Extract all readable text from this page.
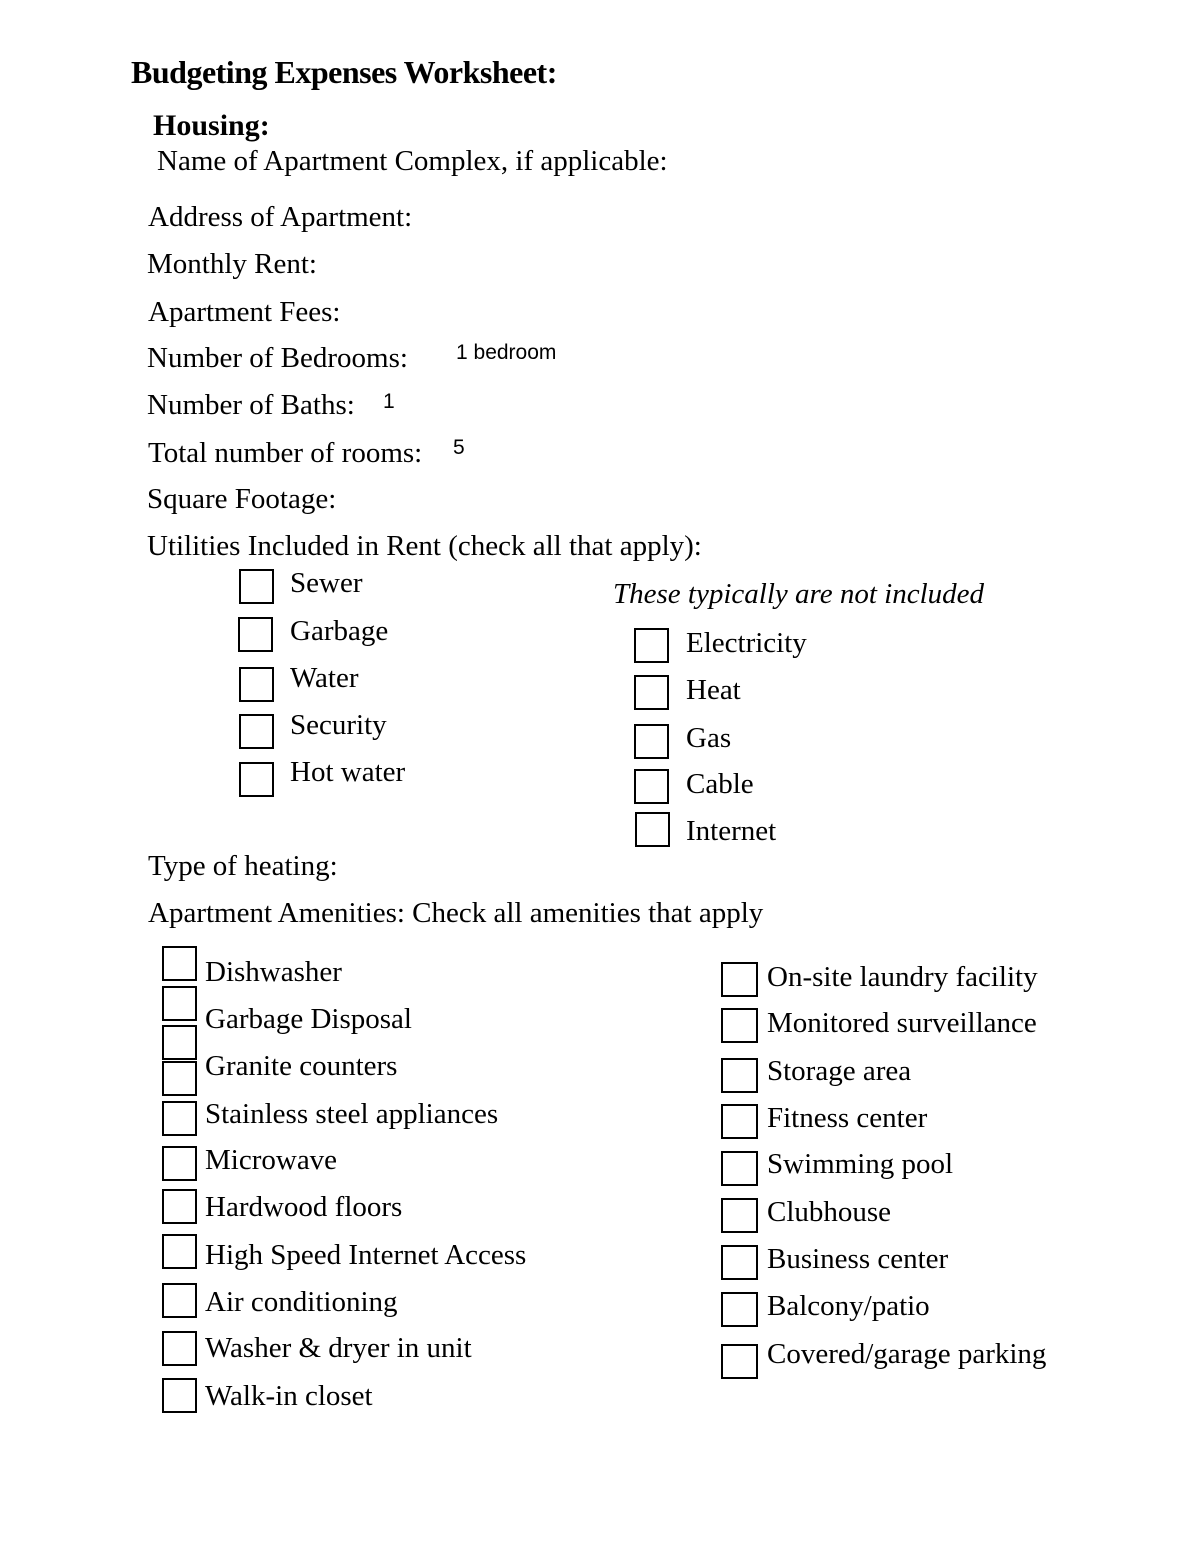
Budgeting Expenses Worksheet:
Housing:
Name of Apartment Complex, if applicable:
Address of Apartment:
Monthly Rent:
Apartment Fees:
Number of Bedrooms: 1 bedroom
Number of Baths: 1
Total number of rooms: 5
Square Footage:
Utilities Included in Rent (check all that apply):
Sewer
Garbage
Water
Security
Hot water
These typically are not included
Electricity
Heat
Gas
Cable
Internet
Type of heating:
Apartment Amenities: Check all amenities that apply
Dishwasher
Garbage Disposal
Granite counters
Stainless steel appliances
Microwave
Hardwood floors
High Speed Internet Access
Air conditioning
Washer & dryer in unit
Walk-in closet
On-site laundry facility
Monitored surveillance
Storage area
Fitness center
Swimming pool
Clubhouse
Business center
Balcony/patio
Covered/garage parking
